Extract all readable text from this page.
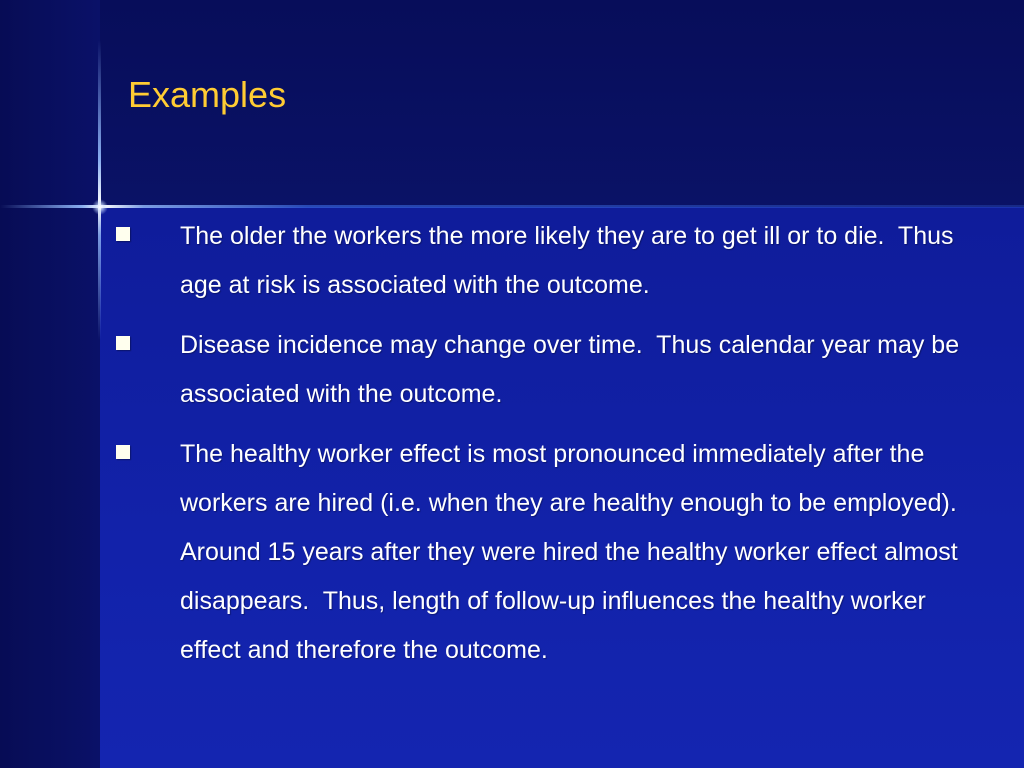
Examples
The older the workers the more likely they are to get ill or to die.  Thus age at risk is associated with the outcome.
Disease incidence may change over time.  Thus calendar year may be associated with the outcome.
The healthy worker effect is most pronounced immediately after the workers are hired (i.e. when they are healthy enough to be employed). Around 15 years after they were hired the healthy worker effect almost disappears.  Thus, length of follow-up influences the healthy worker effect and therefore the outcome.
